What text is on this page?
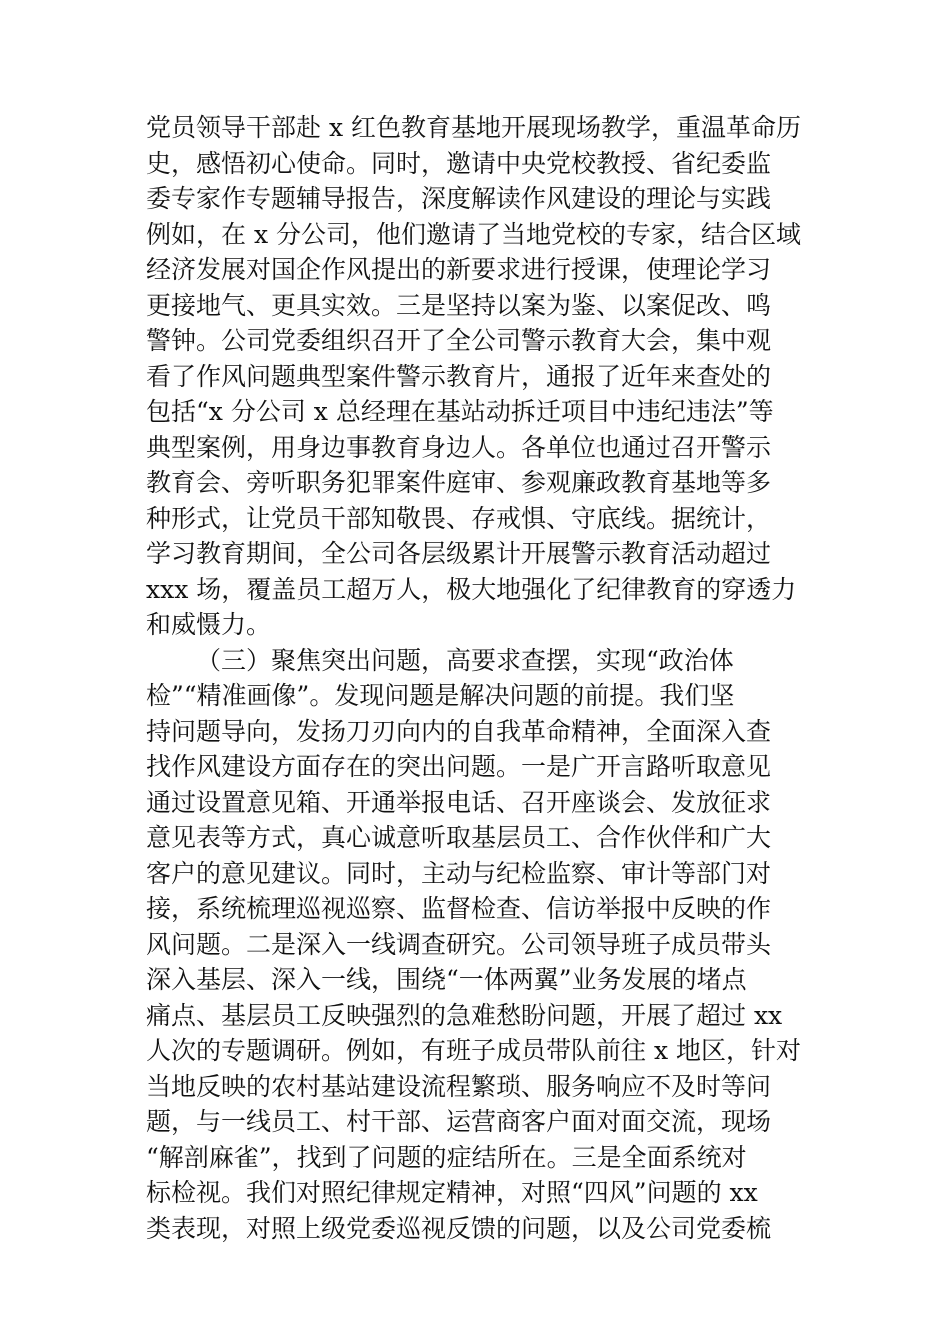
党员领导干部赴 x 红色教育基地开展现场教学，重温革命历
史，感悟初心使命。同时，邀请中央党校教授、省纪委监
委专家作专题辅导报告，深度解读作风建设的理论与实践
例如，在 x 分公司，他们邀请了当地党校的专家，结合区域
经济发展对国企作风提出的新要求进行授课，使理论学习
更接地气、更具实效。三是坚持以案为鉴、以案促改、鸣
警钟。公司党委组织召开了全公司警示教育大会，集中观
看了作风问题典型案件警示教育片，通报了近年来查处的
包括“x 分公司 x 总经理在基站动拆迁项目中违纪违法”等
典型案例，用身边事教育身边人。各单位也通过召开警示
教育会、旁听职务犯罪案件庭审、参观廉政教育基地等多
种形式，让党员干部知敬畏、存戒惧、守底线。据统计，
学习教育期间，全公司各层级累计开展警示教育活动超过
xxx 场，覆盖员工超万人，极大地强化了纪律教育的穿透力
和威慑力。
（三）聚焦突出问题，高要求查摆，实现“政治体
检”“精准画像”。发现问题是解决问题的前提。我们坚
持问题导向，发扬刀刃向内的自我革命精神，全面深入查
找作风建设方面存在的突出问题。一是广开言路听取意见
通过设置意见箱、开通举报电话、召开座谈会、发放征求
意见表等方式，真心诚意听取基层员工、合作伙伴和广大
客户的意见建议。同时，主动与纪检监察、审计等部门对
接，系统梳理巡视巡察、监督检查、信访举报中反映的作
风问题。二是深入一线调查研究。公司领导班子成员带头
深入基层、深入一线，围绕“一体两翼”业务发展的堵点
痛点、基层员工反映强烈的急难愁盼问题，开展了超过 xx
人次的专题调研。例如，有班子成员带队前往 x 地区，针对
当地反映的农村基站建设流程繁琐、服务响应不及时等问
题，与一线员工、村干部、运营商客户面对面交流，现场
“解剖麻雀”，找到了问题的症结所在。三是全面系统对
标检视。我们对照纪律规定精神，对照“四风”问题的 xx
类表现，对照上级党委巡视反馈的问题，以及公司党委梳
